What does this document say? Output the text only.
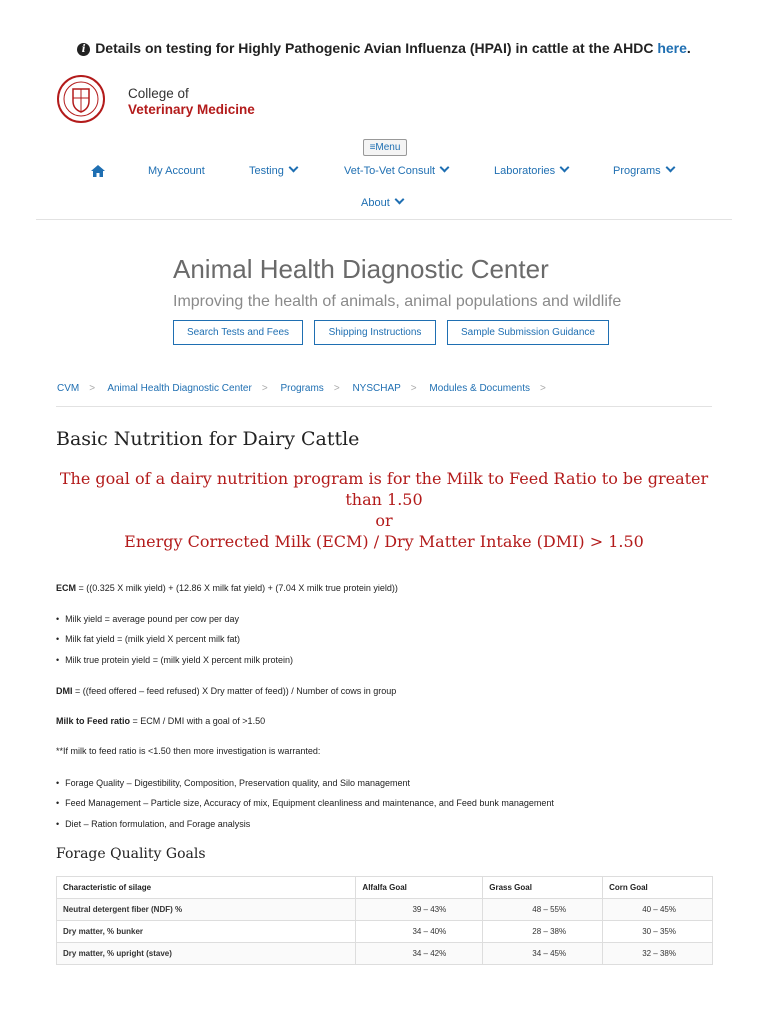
i Details on testing for Highly Pathogenic Avian Influenza (HPAI) in cattle at the AHDC here.
College of
Veterinary Medicine
≡Menu
My Account	Testing	Vet-To-Vet Consult	Laboratories	Programs
About
Animal Health Diagnostic Center
Improving the health of animals, animal populations and wildlife
Search Tests and Fees	Shipping Instructions	Sample Submission Guidance
CVM > Animal Health Diagnostic Center > Programs > NYSCHAP > Modules & Documents >
Basic Nutrition for Dairy Cattle
The goal of a dairy nutrition program is for the Milk to Feed Ratio to be greater
than 1.50
or
Energy Corrected Milk (ECM) / Dry Matter Intake (DMI) > 1.50
ECM = ((0.325 X milk yield) + (12.86 X milk fat yield) + (7.04 X milk true protein yield))
• Milk yield = average pound per cow per day
• Milk fat yield = (milk yield X percent milk fat)
• Milk true protein yield = (milk yield X percent milk protein)
DMI = ((feed offered – feed refused) X Dry matter of feed)) / Number of cows in group
Milk to Feed ratio = ECM / DMI with a goal of >1.50
**If milk to feed ratio is <1.50 then more investigation is warranted:
• Forage Quality – Digestibility, Composition, Preservation quality, and Silo management
• Feed Management – Particle size, Accuracy of mix, Equipment cleanliness and maintenance, and Feed bunk management
• Diet – Ration formulation, and Forage analysis
Forage Quality Goals
Characteristic of silage	Alfalfa Goal	Grass Goal	Corn Goal
Neutral detergent fiber (NDF) %	39 – 43%	48 – 55%	40 – 45%
Dry matter, % bunker	34 – 40%	28 – 38%	30 – 35%
Dry matter, % upright (stave)	34 – 42%	34 – 45%	32 – 38%
